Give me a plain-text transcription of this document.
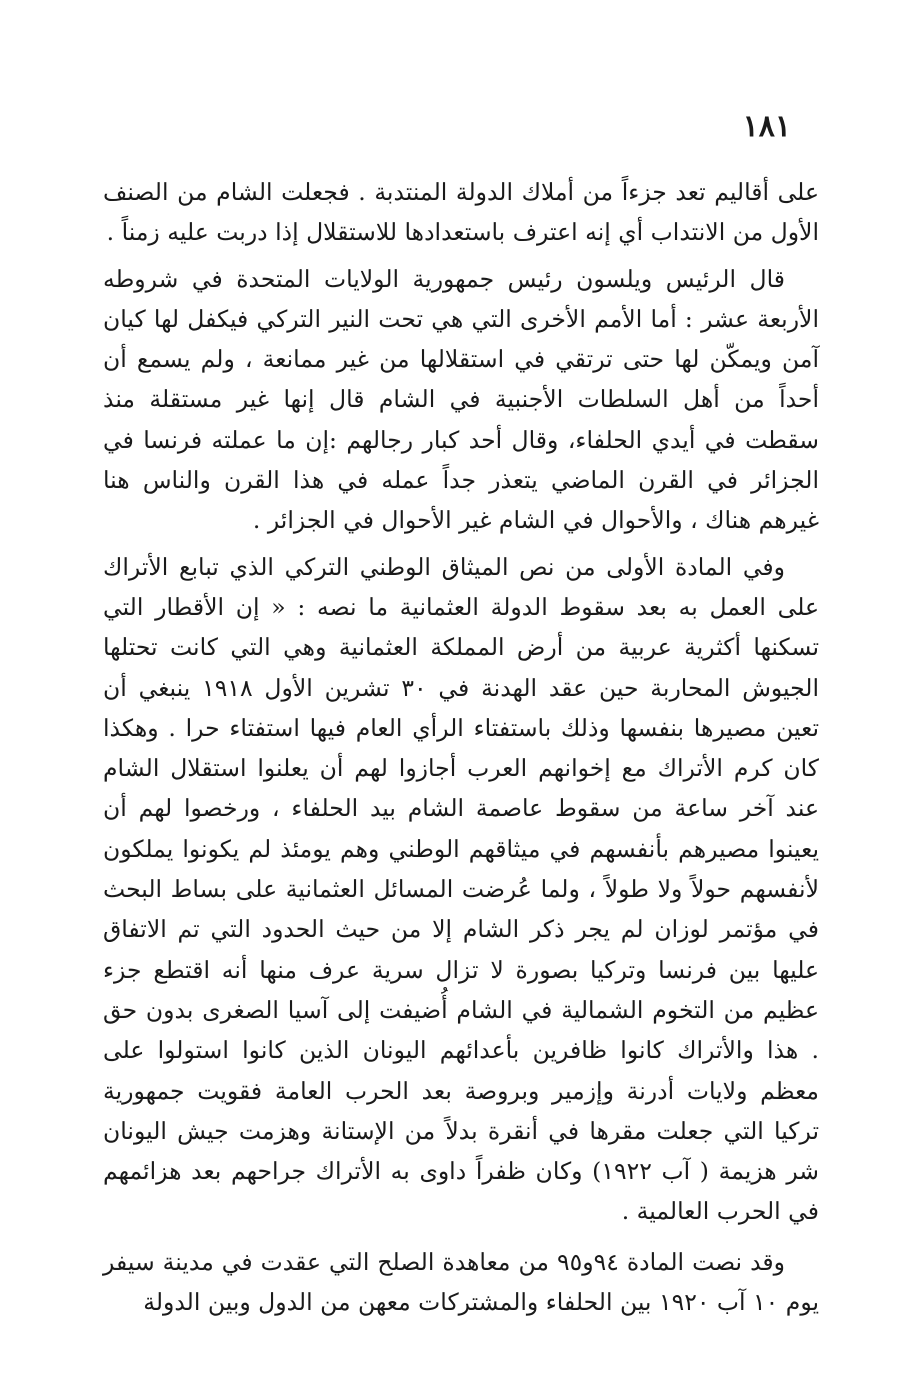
١٨١

على أقاليم تعد جزءاً من أملاك الدولة المنتدبة . فجعلت الشام من الصنف الأول من الانتداب أي إنه اعترف باستعدادها للاستقلال إذا دربت عليه زمناً .

قال الرئيس ويلسون رئيس جمهورية الولايات المتحدة في شروطه الأربعة عشر : أما الأمم الأخرى التي هي تحت النير التركي فيكفل لها كيان آمن ويمكّن لها حتى ترتقي في استقلالها من غير ممانعة ، ولم يسمع أن أحداً من أهل السلطات الأجنبية في الشام قال إنها غير مستقلة منذ سقطت في أيدي الحلفاء، وقال أحد كبار رجالهم :إن ما عملته فرنسا في الجزائر في القرن الماضي يتعذر جداً عمله في هذا القرن والناس هنا غيرهم هناك ، والأحوال في الشام غير الأحوال في الجزائر .

وفي المادة الأولى من نص الميثاق الوطني التركي الذي تبابع الأتراك على العمل به بعد سقوط الدولة العثمانية ما نصه : « إن الأقطار التي تسكنها أكثرية عربية من أرض المملكة العثمانية وهي التي كانت تحتلها الجيوش المحاربة حين عقد الهدنة في ٣٠ تشرين الأول ١٩١٨ ينبغي أن تعين مصيرها بنفسها وذلك باستفتاء الرأي العام فيها استفتاء حرا . وهكذا كان كرم الأتراك مع إخوانهم العرب أجازوا لهم أن يعلنوا استقلال الشام عند آخر ساعة من سقوط عاصمة الشام بيد الحلفاء ، ورخصوا لهم أن يعينوا مصيرهم بأنفسهم في ميثاقهم الوطني وهم يومئذ لم يكونوا يملكون لأنفسهم حولاً ولا طولاً ، ولما عُرضت المسائل العثمانية على بساط البحث في مؤتمر لوزان لم يجر ذكر الشام إلا من حيث الحدود التي تم الاتفاق عليها بين فرنسا وتركيا بصورة لا تزال سرية عرف منها أنه اقتطع جزء عظيم من التخوم الشمالية في الشام أُضيفت إلى آسيا الصغرى بدون حق . هذا والأتراك كانوا ظافرين بأعدائهم اليونان الذين كانوا استولوا على معظم ولايات أدرنة وإزمير وبروصة بعد الحرب العامة فقويت جمهورية تركيا التي جعلت مقرها في أنقرة بدلاً من الإستانة وهزمت جيش اليونان شر هزيمة ( آب ١٩٢٢) وكان ظفراً داوى به الأتراك جراحهم بعد هزائمهم في الحرب العالمية .

وقد نصت المادة ٩٤و٩٥ من معاهدة الصلح التي عقدت في مدينة سيفر يوم ١٠ آب ١٩٢٠ بين الحلفاء والمشتركات معهن من الدول وبين الدولة
